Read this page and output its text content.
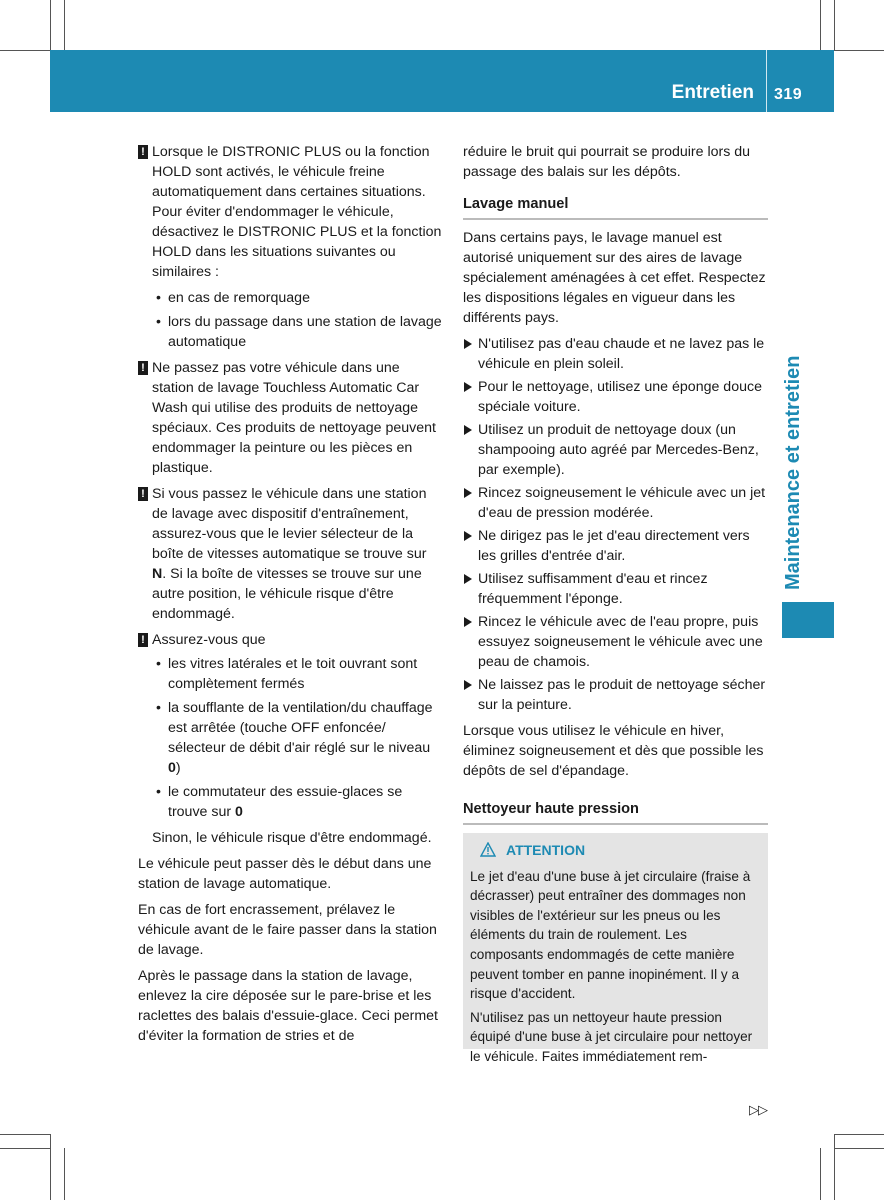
Entretien 319
Maintenance et entretien
! Lorsque le DISTRONIC PLUS ou la fonction HOLD sont activés, le véhicule freine automatiquement dans certaines situations. Pour éviter d'endommager le véhicule, désactivez le DISTRONIC PLUS et la fonction HOLD dans les situations suivantes ou similaires :
• en cas de remorquage
• lors du passage dans une station de lavage automatique
! Ne passez pas votre véhicule dans une station de lavage Touchless Automatic Car Wash qui utilise des produits de nettoyage spéciaux. Ces produits de nettoyage peuvent endommager la peinture ou les pièces en plastique.
! Si vous passez le véhicule dans une station de lavage avec dispositif d'entraînement, assurez-vous que le levier sélecteur de la boîte de vitesses automatique se trouve sur N. Si la boîte de vitesses se trouve sur une autre position, le véhicule risque d'être endommagé.
! Assurez-vous que
• les vitres latérales et le toit ouvrant sont complètement fermés
• la soufflante de la ventilation/du chauffage est arrêtée (touche OFF enfoncée/ sélecteur de débit d'air réglé sur le niveau 0)
• le commutateur des essuie-glaces se trouve sur 0
Sinon, le véhicule risque d'être endommagé.

Le véhicule peut passer dès le début dans une station de lavage automatique.

En cas de fort encrassement, prélavez le véhicule avant de le faire passer dans la station de lavage.

Après le passage dans la station de lavage, enlevez la cire déposée sur le pare-brise et les raclettes des balais d'essuie-glace. Ceci permet d'éviter la formation de stries et de

réduire le bruit qui pourrait se produire lors du passage des balais sur les dépôts.

Lavage manuel

Dans certains pays, le lavage manuel est autorisé uniquement sur des aires de lavage spécialement aménagées à cet effet. Respectez les dispositions légales en vigueur dans les différents pays.

N'utilisez pas d'eau chaude et ne lavez pas le véhicule en plein soleil.
Pour le nettoyage, utilisez une éponge douce spéciale voiture.
Utilisez un produit de nettoyage doux (un shampooing auto agréé par Mercedes-Benz, par exemple).
Rincez soigneusement le véhicule avec un jet d'eau de pression modérée.
Ne dirigez pas le jet d'eau directement vers les grilles d'entrée d'air.
Utilisez suffisamment d'eau et rincez fréquemment l'éponge.
Rincez le véhicule avec de l'eau propre, puis essuyez soigneusement le véhicule avec une peau de chamois.
Ne laissez pas le produit de nettoyage sécher sur la peinture.

Lorsque vous utilisez le véhicule en hiver, éliminez soigneusement et dès que possible les dépôts de sel d'épandage.

Nettoyeur haute pression
ATTENTION

Le jet d'eau d'une buse à jet circulaire (fraise à décrasser) peut entraîner des dommages non visibles de l'extérieur sur les pneus ou les éléments du train de roulement. Les composants endommagés de cette manière peuvent tomber en panne inopinément. Il y a risque d'accident.

N'utilisez pas un nettoyeur haute pression équipé d'une buse à jet circulaire pour nettoyer le véhicule. Faites immédiatement rem-

▷▷
